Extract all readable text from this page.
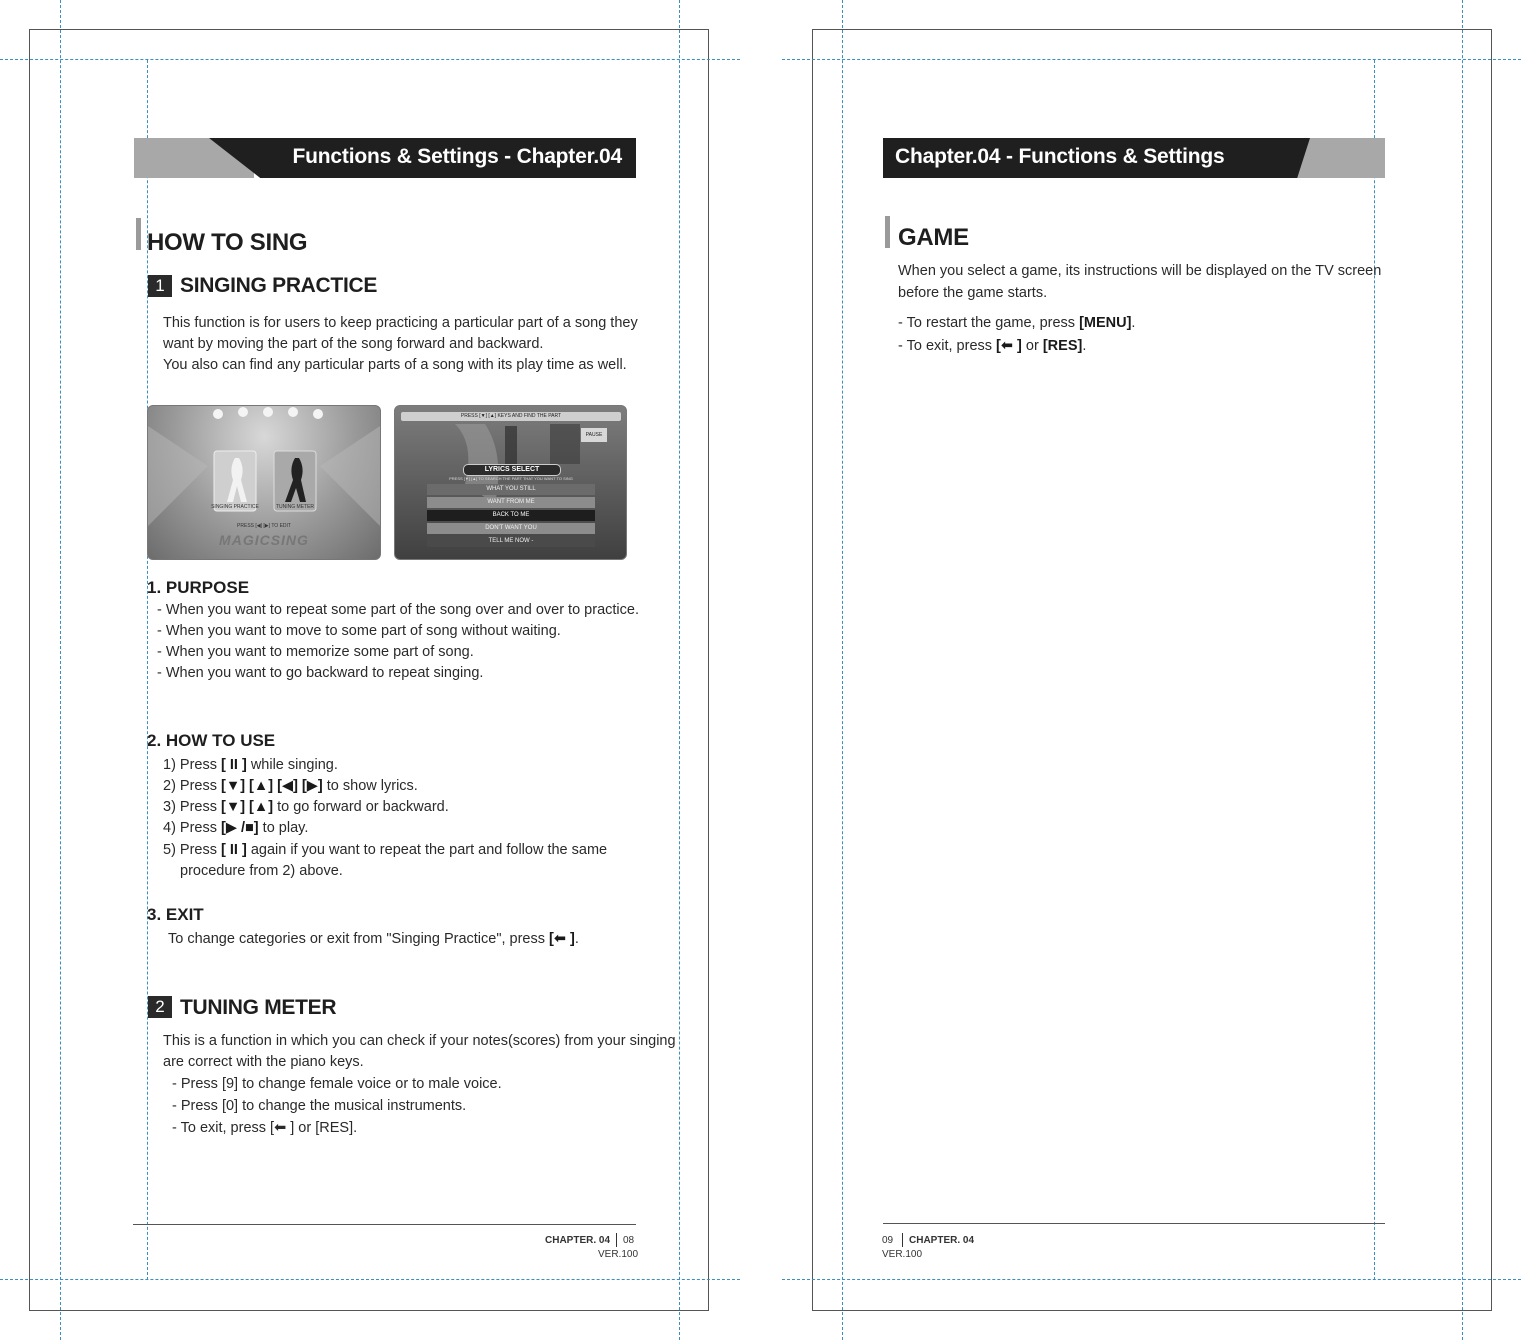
Functions & Settings - Chapter.04
HOW TO SING
1 SINGING PRACTICE
This function is for users to keep practicing a particular part of a song they
want by moving the part of the song forward and backward.
You also can find any particular parts of a song with its play time as well.
SINGING PRACTICE	TUNING METER
PRESS [◀] [▶] TO EDIT
MAGICSING
PRESS [▼] [▲] KEYS AND FIND THE PART
PAUSE
LYRICS SELECT
PRESS [▼] [▲] TO SEARCH THE PART THAT YOU WANT TO SING
WHAT YOU STILL
WANT FROM ME
BACK TO ME
DON'T WANT YOU
TELL ME NOW -
1. PURPOSE
- When you want to repeat some part of the song over and over to practice.
- When you want to move to some part of song without waiting.
- When you want to memorize some part of song.
- When you want to go backward to repeat singing.
2. HOW TO USE
1) Press [ II ] while singing.
2) Press [▼] [▲] [◀] [▶] to show lyrics.
3) Press [▼] [▲] to go forward or backward.
4) Press [▶ /■] to play.
5) Press [ II ] again if you want to repeat the part and follow the same
procedure from 2) above.
3. EXIT
To change categories or exit from "Singing Practice", press [⬅ ].
2 TUNING METER
This is a function in which you can check if your notes(scores) from your singing
are correct with the piano keys.
- Press [9] to change female voice or to male voice.
- Press [0] to change the musical instruments.
- To exit, press [⬅ ] or [RES].
CHAPTER. 04 08
VER.100
Chapter.04 - Functions & Settings
GAME
When you select a game, its instructions will be displayed on the TV screen
before the game starts.
- To restart the game, press [MENU].
- To exit, press [⬅ ] or [RES].
09 CHAPTER. 04
VER.100
